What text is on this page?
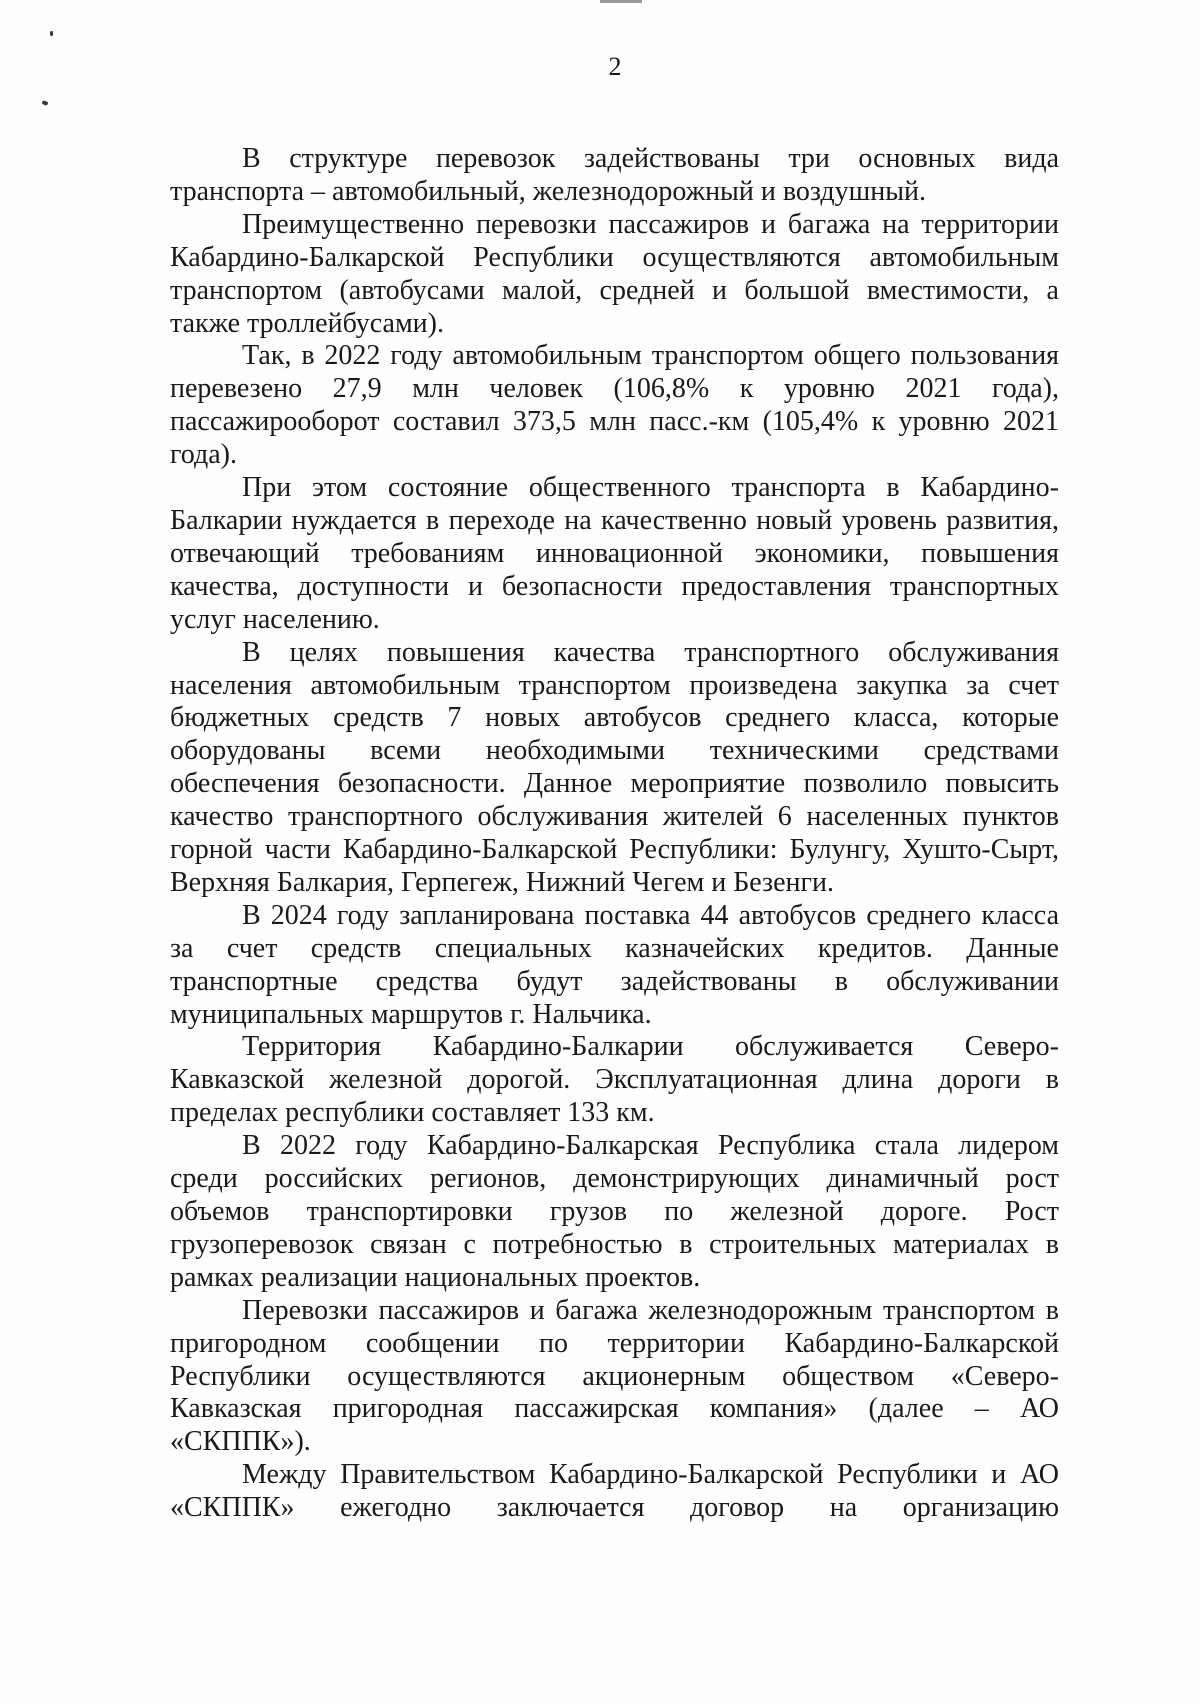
2

В структуре перевозок задействованы три основных вида транспорта – автомобильный, железнодорожный и воздушный.

Преимущественно перевозки пассажиров и багажа на территории Кабардино-Балкарской Республики осуществляются автомобильным транспортом (автобусами малой, средней и большой вместимости, а также троллейбусами).

Так, в 2022 году автомобильным транспортом общего пользования перевезено 27,9 млн человек (106,8% к уровню 2021 года), пассажирооборот составил 373,5 млн пасс.-км (105,4% к уровню 2021 года).

При этом состояние общественного транспорта в Кабардино-Балкарии нуждается в переходе на качественно новый уровень развития, отвечающий требованиям инновационной экономики, повышения качества, доступности и безопасности предоставления транспортных услуг населению.

В целях повышения качества транспортного обслуживания населения автомобильным транспортом произведена закупка за счет бюджетных средств 7 новых автобусов среднего класса, которые оборудованы всеми необходимыми техническими средствами обеспечения безопасности. Данное мероприятие позволило повысить качество транспортного обслуживания жителей 6 населенных пунктов горной части Кабардино-Балкарской Республики: Булунгу, Хушто-Сырт, Верхняя Балкария, Герпегеж, Нижний Чегем и Безенги.

В 2024 году запланирована поставка 44 автобусов среднего класса за счет средств специальных казначейских кредитов. Данные транспортные средства будут задействованы в обслуживании муниципальных маршрутов г. Нальчика.

Территория Кабардино-Балкарии обслуживается Северо-Кавказской железной дорогой. Эксплуатационная длина дороги в пределах республики составляет 133 км.

В 2022 году Кабардино-Балкарская Республика стала лидером среди российских регионов, демонстрирующих динамичный рост объемов транспортировки грузов по железной дороге. Рост грузоперевозок связан с потребностью в строительных материалах в рамках реализации национальных проектов.

Перевозки пассажиров и багажа железнодорожным транспортом в пригородном сообщении по территории Кабардино-Балкарской Республики осуществляются акционерным обществом «Северо-Кавказская пригородная пассажирская компания» (далее – АО «СКППК»).

Между Правительством Кабардино-Балкарской Республики и АО «СКППК» ежегодно заключается договор на организацию
